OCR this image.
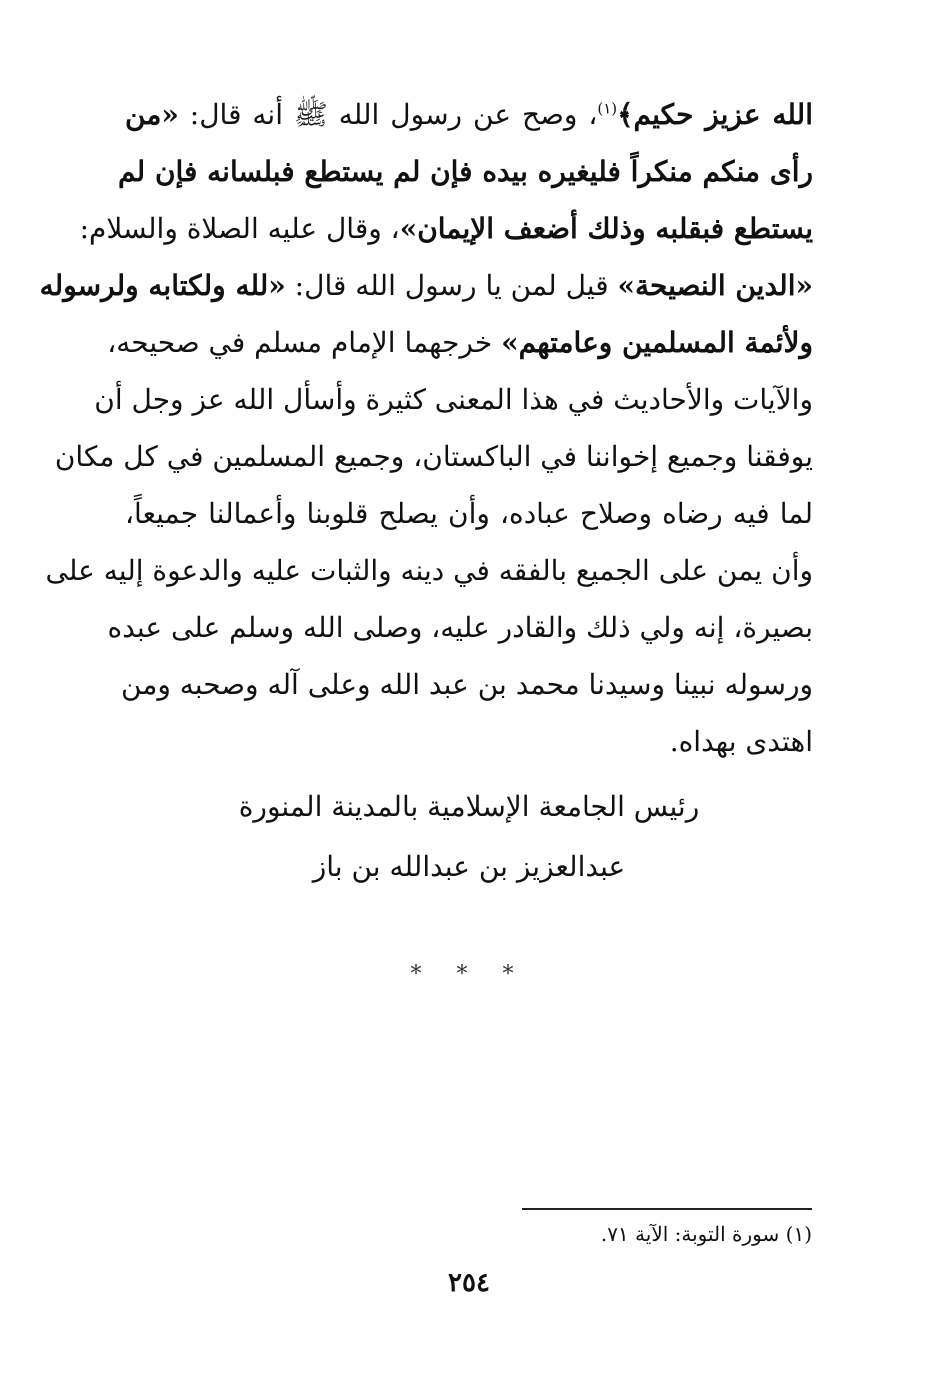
الله عزيز حكيم﴾$^{(١)}$، وصح عن رسول الله ﷺ أنه قال: «من
رأى منكم منكراً فليغيره بيده فإن لم يستطع فبلسانه فإن لم
يستطع فبقلبه وذلك أضعف الإيمان»، وقال عليه الصلاة والسلام:
«الدين النصيحة» قيل لمن يا رسول الله قال: «لله ولكتابه ولرسوله
ولأئمة المسلمين وعامتهم» خرجهما الإمام مسلم في صحيحه،
والآيات والأحاديث في هذا المعنى كثيرة وأسأل الله عز وجل أن
يوفقنا وجميع إخواننا في الباكستان، وجميع المسلمين في كل مكان
لما فيه رضاه وصلاح عباده، وأن يصلح قلوبنا وأعمالنا جميعاً،
وأن يمن على الجميع بالفقه في دينه والثبات عليه والدعوة إليه على
بصيرة، إنه ولي ذلك والقادر عليه، وصلى الله وسلم على عبده
ورسوله نبينا وسيدنا محمد بن عبد الله وعلى آله وصحبه ومن
اهتدى بهداه.
رئيس الجامعة الإسلامية بالمدينة المنورة
عبدالعزيز بن عبدالله بن باز
* * *
(١) سورة التوبة: الآية ٧١.
٢٥٤
